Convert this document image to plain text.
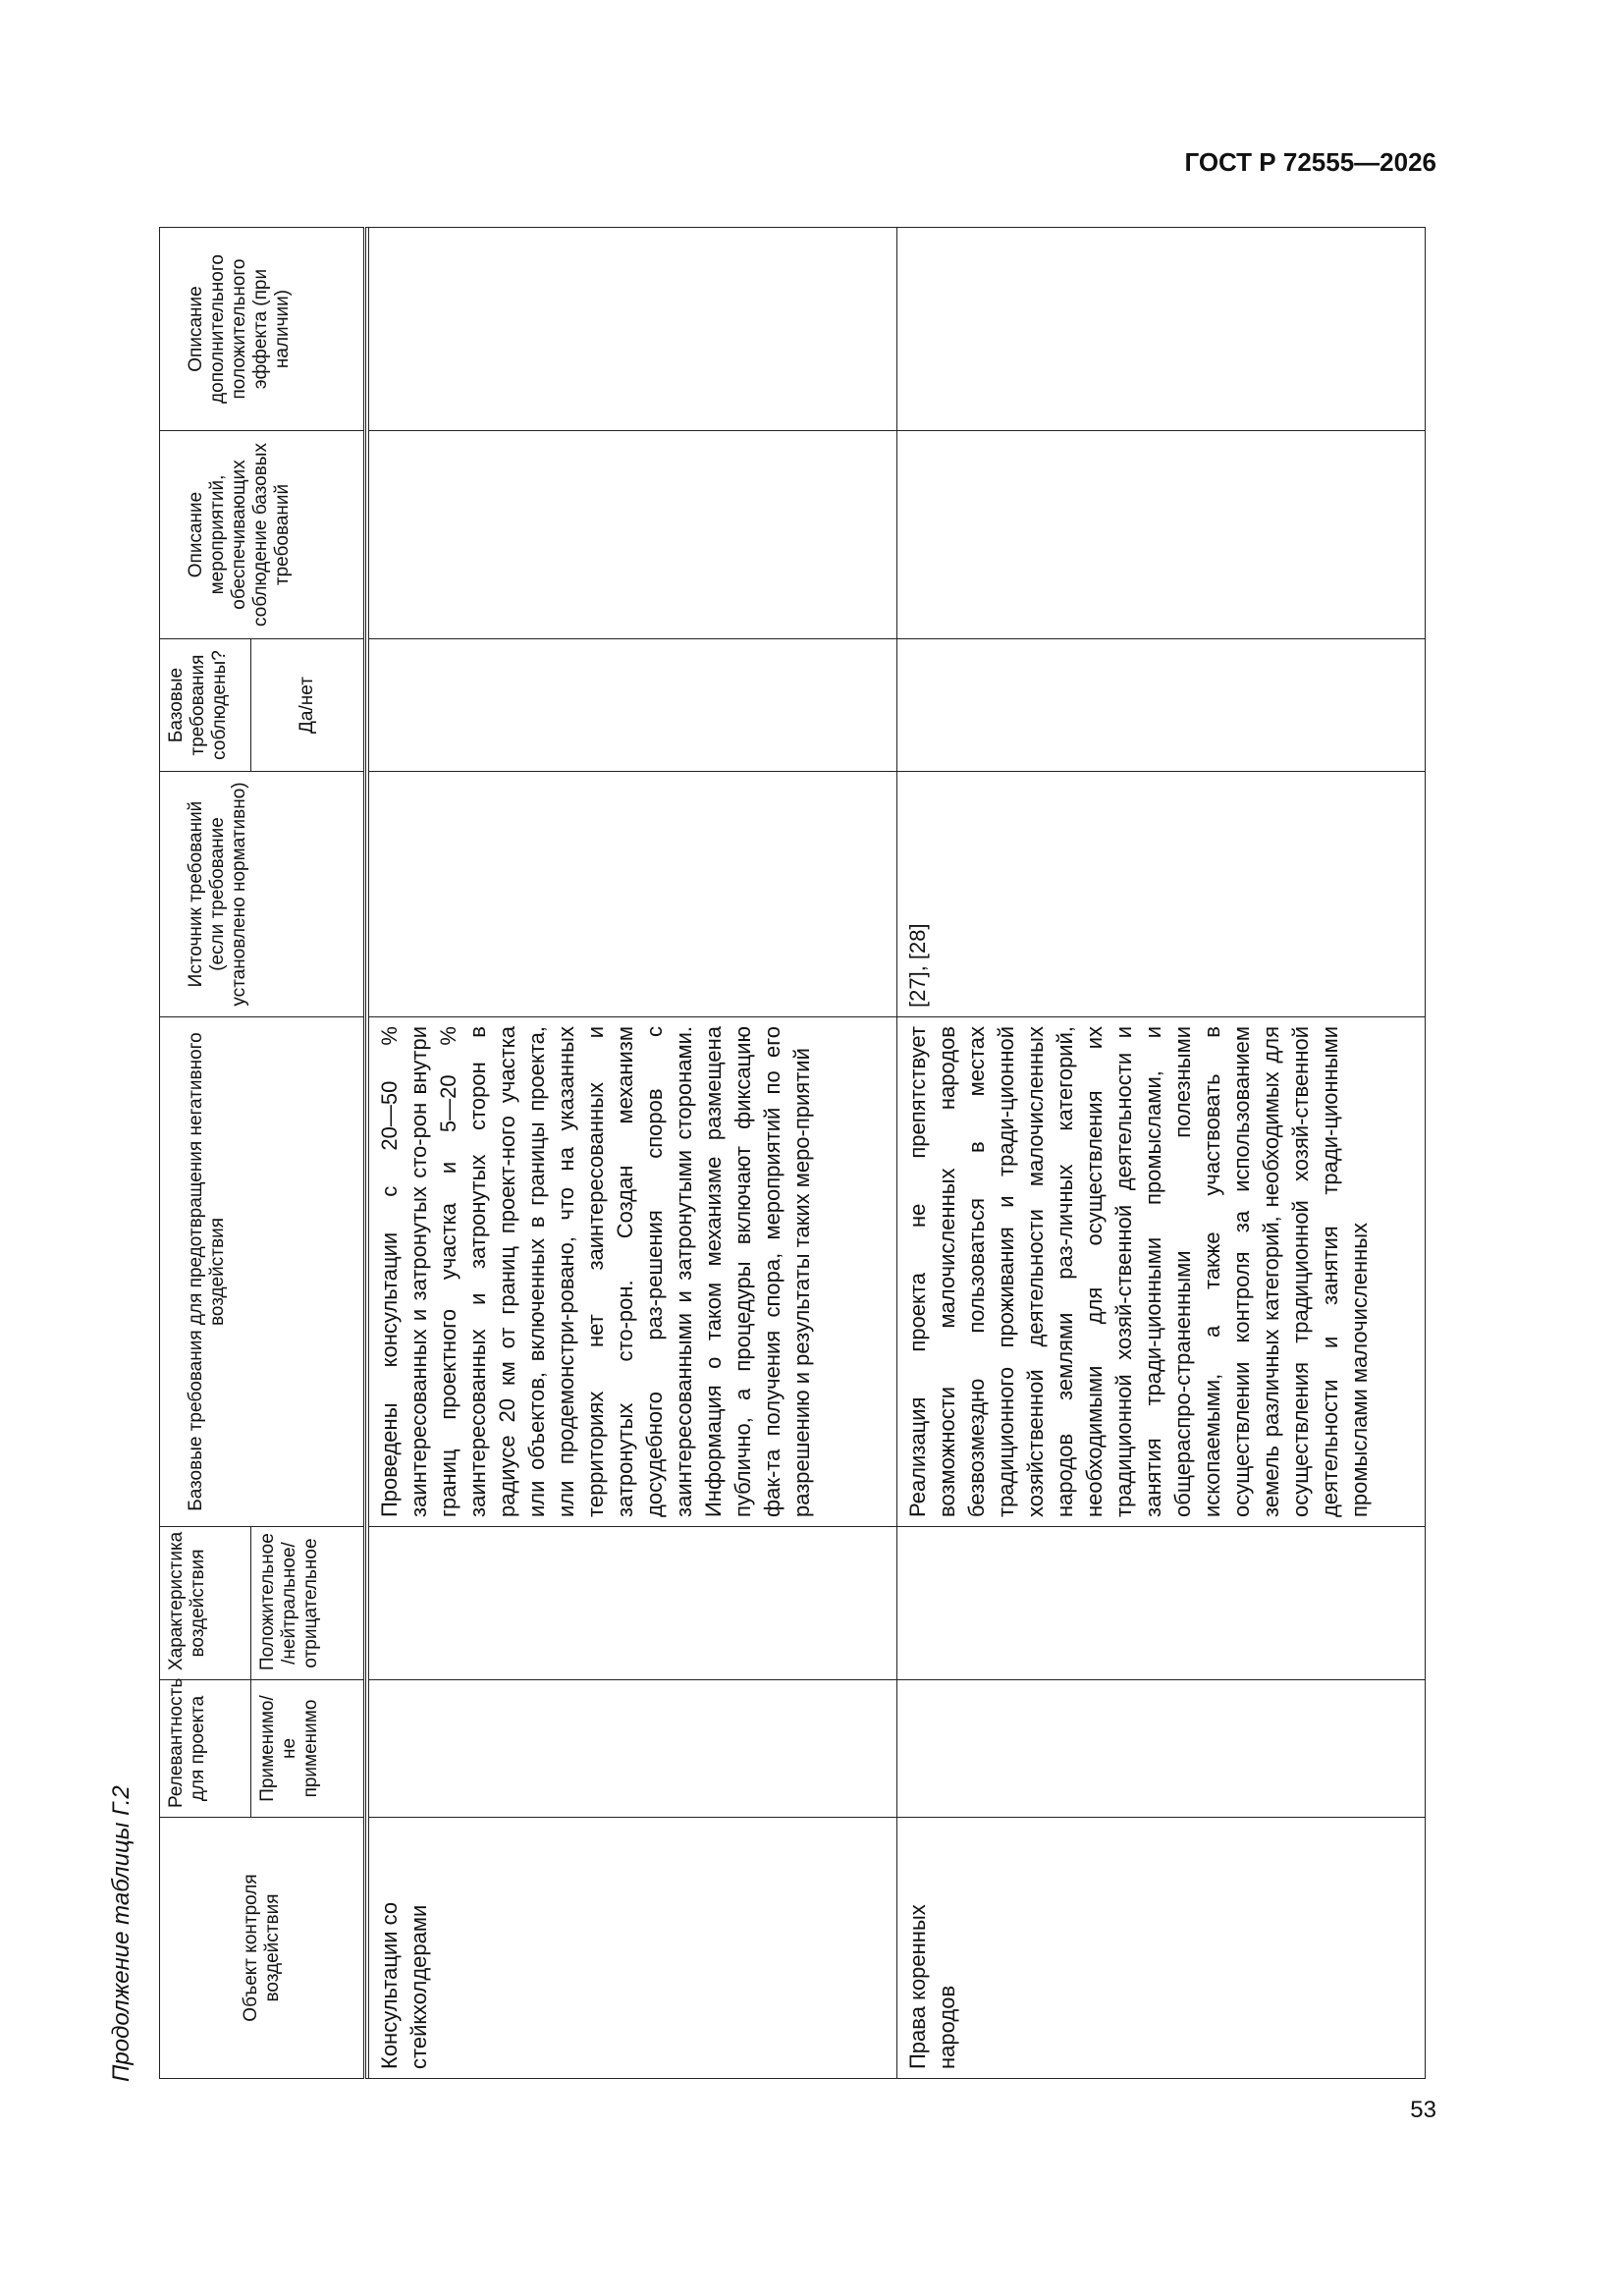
ГОСТ Р 72555—2026
Продолжение таблицы Г.2	Объект контроля воздействия	Релевантность для проекта	Характеристика воздействия	Базовые требования для предотвращения негативного воздействия	Источник требований (если требование установлено нормативно)	Базовые требования соблюдены?	Описание мероприятий, обеспечивающих соблюдение базовых требований	Описание дополнительного положительного эффекта (при наличии)
	Применимо/ не применимо	Положительное /нейтральное/ отрицательное			Да/нет		

Консультации со стейкхолдерами			Проведены консультации с 20—50 % заинтересованных и затронутых сто-рон внутри границ проектного участка и 5—20 % заинтересованных и затронутых сторон в радиусе 20 км от границ проект-ного участка или объектов, включенных в границы проекта, или продемонстри-ровано, что на указанных территориях нет заинтересованных и затронутых сто-рон. Создан механизм досудебного раз-решения споров с заинтересованными и затронутыми сторонами. Информация о таком механизме размещена публично, а процедуры включают фиксацию фак-та получения спора, мероприятий по его разрешению и результаты таких меро-приятий				
Права коренных народов			Реализация проекта не препятствует возможности малочисленных народов безвозмездно пользоваться в местах традиционного проживания и тради-ционной хозяйственной деятельности малочисленных народов землями раз-личных категорий, необходимыми для осуществления их традиционной хозяй-ственной деятельности и занятия тради-ционными промыслами, и общераспро-страненными полезными ископаемыми, а также участвовать в осуществлении контроля за использованием земель различных категорий, необходимых для осуществления традиционной хозяй-ственной деятельности и занятия тради-ционными промыслами малочисленных	[27], [28]			
53
